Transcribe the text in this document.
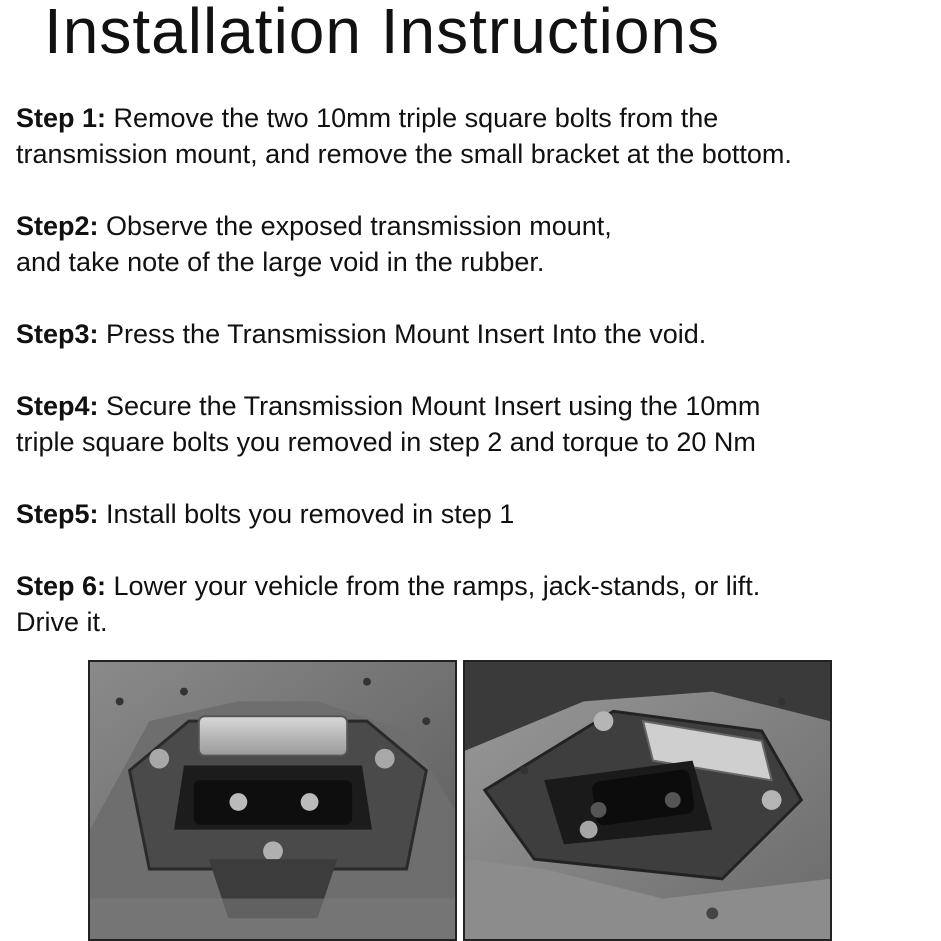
Installation Instructions
Step 1: Remove the two 10mm triple square bolts from the
transmission mount, and remove the small bracket at the bottom.
Step2: Observe the exposed transmission mount,
and take note of the large void in the rubber.
Step3: Press the Transmission Mount Insert Into the void.
Step4: Secure the Transmission Mount Insert using the 10mm
triple square bolts you removed in step 2 and torque to 20 Nm
Step5: Install bolts you removed in step 1
Step 6: Lower your vehicle from the ramps, jack-stands, or lift.
Drive it.
